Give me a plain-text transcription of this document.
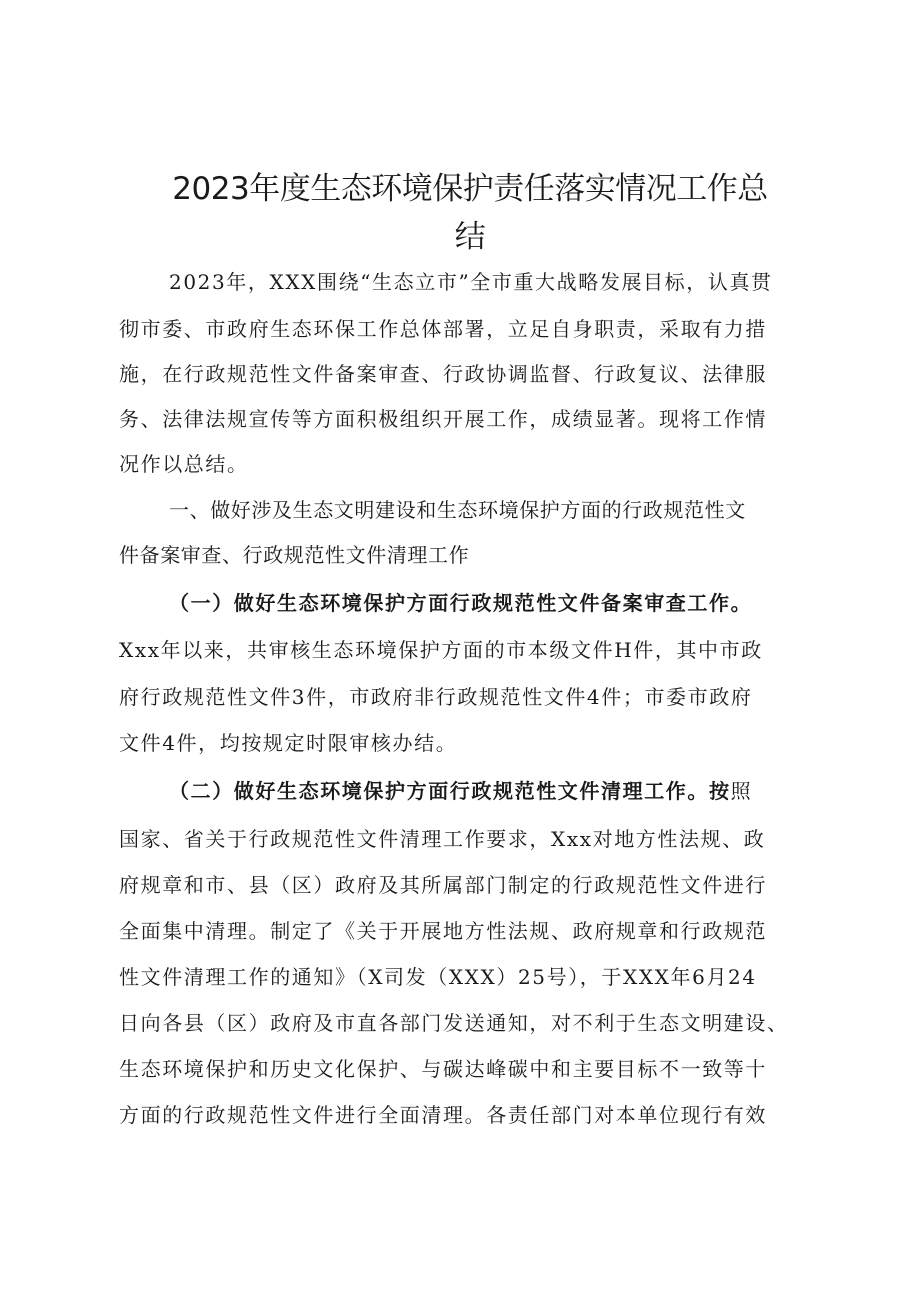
2023年度生态环境保护责任落实情况工作总
结

2023年，XXX围绕“生态立市”全市重大战略发展目标，认真贯

彻市委、市政府生态环保工作总体部署，立足自身职责，采取有力措

施，在行政规范性文件备案审查、行政协调监督、行政复议、法律服

务、法律法规宣传等方面积极组织开展工作，成绩显著。现将工作情

况作以总结。

一、做好涉及生态文明建设和生态环境保护方面的行政规范性文

件备案审查、行政规范性文件清理工作

（一）做好生态环境保护方面行政规范性文件备案审查工作。

Xxx年以来，共审核生态环境保护方面的市本级文件H件，其中市政

府行政规范性文件3件，市政府非行政规范性文件4件；市委市政府

文件4件，均按规定时限审核办结。

（二）做好生态环境保护方面行政规范性文件清理工作。按照

国家、省关于行政规范性文件清理工作要求，Xxx对地方性法规、政

府规章和市、县（区）政府及其所属部门制定的行政规范性文件进行

全面集中清理。制定了《关于开展地方性法规、政府规章和行政规范

性文件清理工作的通知》（X司发（XXX）25号），于XXX年6月24

日向各县（区）政府及市直各部门发送通知，对不利于生态文明建设、

生态环境保护和历史文化保护、与碳达峰碳中和主要目标不一致等十

方面的行政规范性文件进行全面清理。各责任部门对本单位现行有效
